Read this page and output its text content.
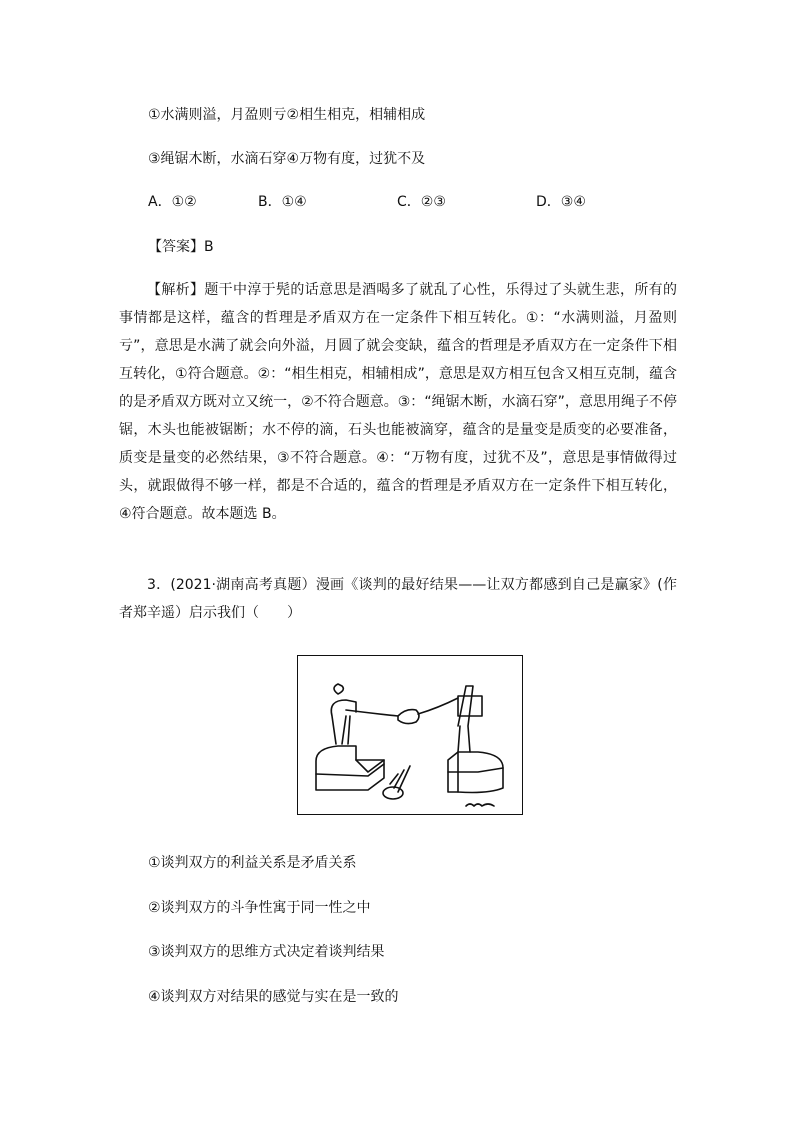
①水满则溢，月盈则亏②相生相克，相辅相成
③绳锯木断，水滴石穿④万物有度，过犹不及
A．①②	B．①④	C．②③	D．③④
【答案】B
【解析】题干中淳于髡的话意思是酒喝多了就乱了心性，乐得过了头就生悲，所有的事情都是这样，蕴含的哲理是矛盾双方在一定条件下相互转化。①：“水满则溢，月盈则亏”，意思是水满了就会向外溢，月圆了就会变缺，蕴含的哲理是矛盾双方在一定条件下相互转化，①符合题意。②：“相生相克，相辅相成”，意思是双方相互包含又相互克制，蕴含的是矛盾双方既对立又统一，②不符合题意。③：“绳锯木断，水滴石穿”，意思用绳子不停锯，木头也能被锯断；水不停的滴，石头也能被滴穿，蕴含的是量变是质变的必要准备，质变是量变的必然结果，③不符合题意。④：“万物有度，过犹不及”，意思是事情做得过头，就跟做得不够一样，都是不合适的，蕴含的哲理是矛盾双方在一定条件下相互转化，④符合题意。故本题选 B。
3．(2021·湖南高考真题）漫画《谈判的最好结果——让双方都感到自己是赢家》(作者郑辛遥）启示我们（　　）
①谈判双方的利益关系是矛盾关系
②谈判双方的斗争性寓于同一性之中
③谈判双方的思维方式决定着谈判结果
④谈判双方对结果的感觉与实在是一致的
